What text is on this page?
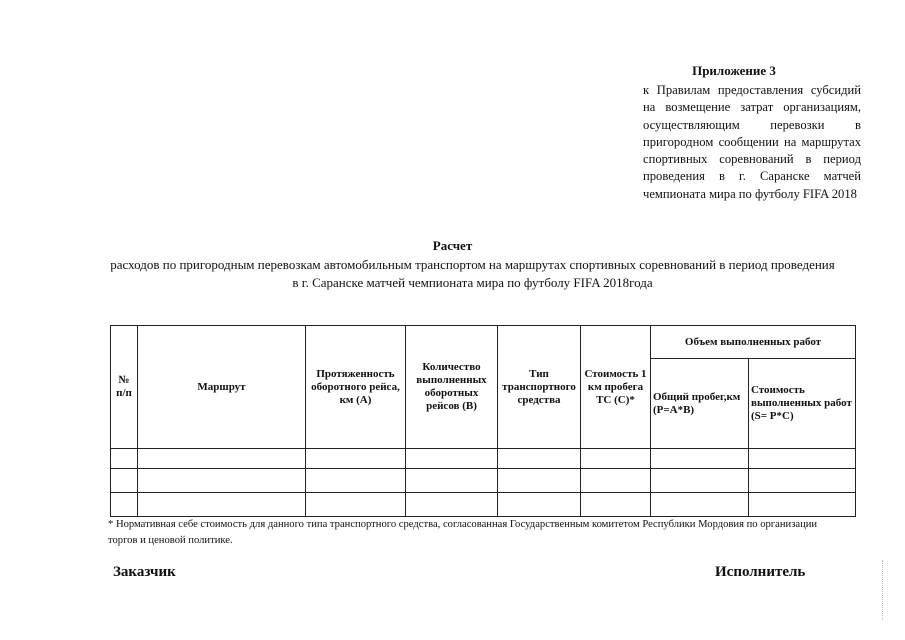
Приложение 3
к Правилам предоставления субсидий на возмещение затрат организациям, осуществляющим перевозки в пригородном сообщении на маршрутах спортивных соревнований в период проведения в г. Саранске матчей чемпионата мира по футболу FIFA 2018
Расчет
расходов по пригородным перевозкам автомобильным транспортом на маршрутах спортивных соревнований в период проведения в г. Саранске матчей чемпионата мира по футболу FIFA 2018года
№ п/п	Маршрут	Протяженность оборотного рейса, км (А)	Количество выполненных оборотных рейсов (В)	Тип транспортного средства	Стоимость 1 км пробега ТС (С)*	Объем выполненных работ	
						Общий пробег,км (Р=А*В)	Стоимость выполненных работ (S= Р*С)

* Нормативная себе стоимость для данного типа транспортного средства, согласованная Государственным комитетом Республики Мордовия по организации торгов и ценовой политике.
Заказчик	Исполнитель
